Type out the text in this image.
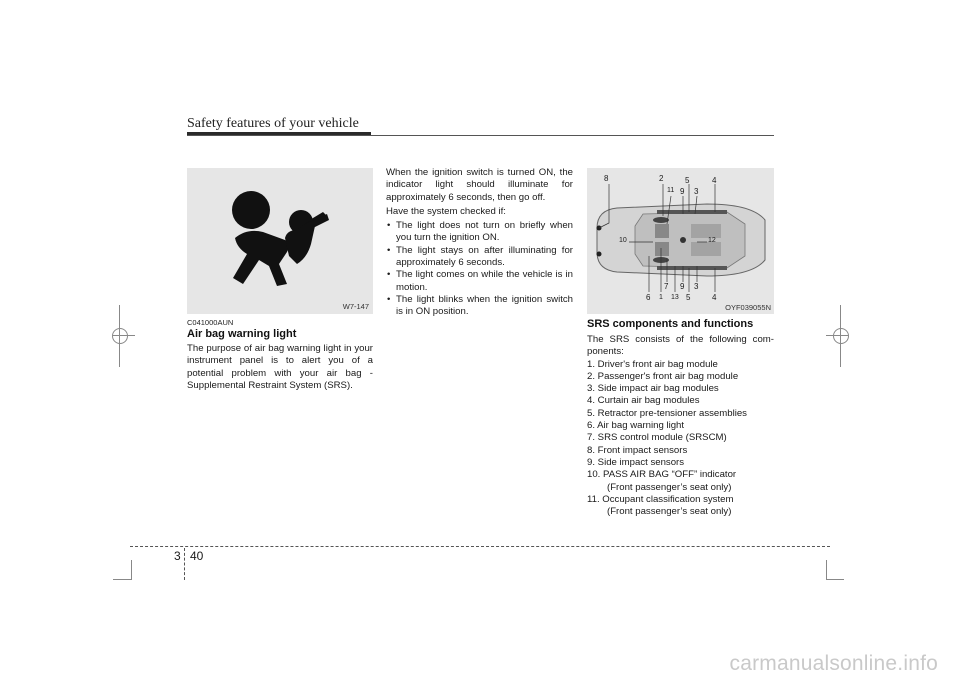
Safety features of your vehicle
W7-147
C041000AUN
Air bag warning light
The purpose of air bag warning light in your instrument panel is to alert you of a potential problem with your air bag - Supplemental Restraint System (SRS).

When the ignition switch is turned ON, the indicator light should illuminate for approximately 6 seconds, then go off.

Have the system checked if:

• The light does not turn on briefly when you turn the ignition ON.
• The light stays on after illuminating for approximately 6 seconds.
• The light comes on while the vehicle is in motion.
• The light blinks when the ignition switch is in ON position.
8	2	5	4
11 9 3
10	12
7 9 3
6 1 13 5	4
OYF039055N
SRS components and functions

The SRS consists of the following com- ponents:

1. Driver's front air bag module
2. Passenger's front air bag module
3. Side impact air bag modules
4. Curtain air bag modules
5. Retractor pre-tensioner assemblies
6. Air bag warning light
7. SRS control module (SRSCM)
8. Front impact sensors
9. Side impact sensors
10. PASS AIR BAG “OFF” indicator
(Front passenger’s seat only)
11. Occupant classification system
(Front passenger’s seat only)
3 40
carmanualsonline.info
